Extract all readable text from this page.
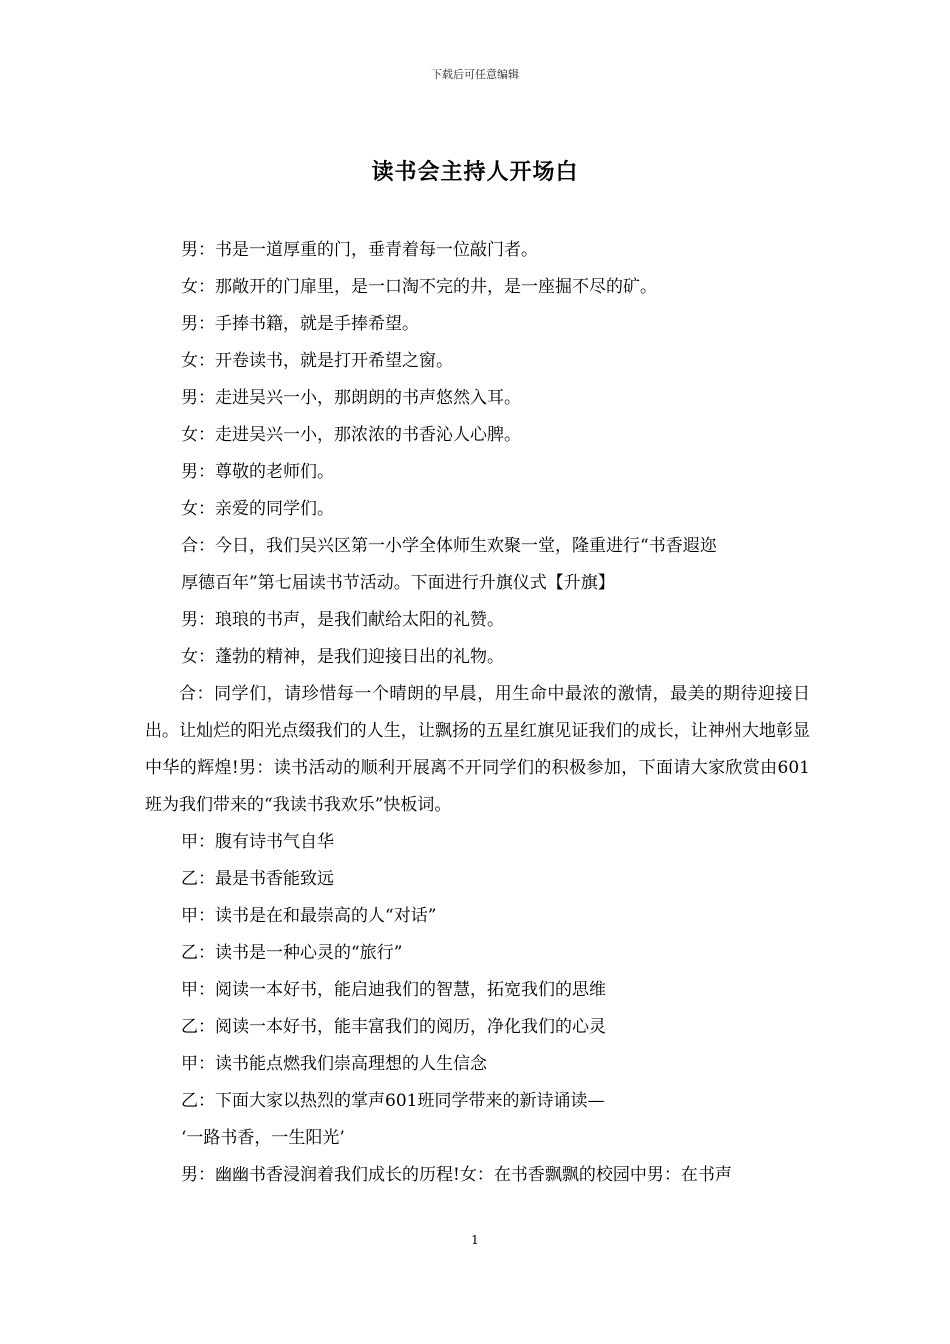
下载后可任意编辑
读书会主持人开场白
男：书是一道厚重的门，垂青着每一位敲门者。
女：那敞开的门扉里，是一口淘不完的井，是一座掘不尽的矿。
男：手捧书籍，就是手捧希望。
女：开卷读书，就是打开希望之窗。
男：走进吴兴一小，那朗朗的书声悠然入耳。
女：走进吴兴一小，那浓浓的书香沁人心脾。
男：尊敬的老师们。
女：亲爱的同学们。
合：今日，我们吴兴区第一小学全体师生欢聚一堂，隆重进行“书香遐迩
厚德百年”第七届读书节活动。下面进行升旗仪式【升旗】
男：琅琅的书声，是我们献给太阳的礼赞。
女：蓬勃的精神，是我们迎接日出的礼物。
合：同学们，请珍惜每一个晴朗的早晨，用生命中最浓的激情，最美的期待迎接日出。让灿烂的阳光点缀我们的人生，让飘扬的五星红旗见证我们的成长，让神州大地彰显中华的辉煌!男：读书活动的顺利开展离不开同学们的积极参加，下面请大家欣赏由601班为我们带来的“我读书我欢乐”快板词。
甲：腹有诗书气自华
乙：最是书香能致远
甲：读书是在和最崇高的人“对话”
乙：读书是一种心灵的“旅行”
甲：阅读一本好书，能启迪我们的智慧，拓宽我们的思维
乙：阅读一本好书，能丰富我们的阅历，净化我们的心灵
甲：读书能点燃我们崇高理想的人生信念
乙：下面大家以热烈的掌声601班同学带来的新诗诵读—
‘一路书香，一生阳光’
男：幽幽书香浸润着我们成长的历程!女：在书香飘飘的校园中男：在书声
1
